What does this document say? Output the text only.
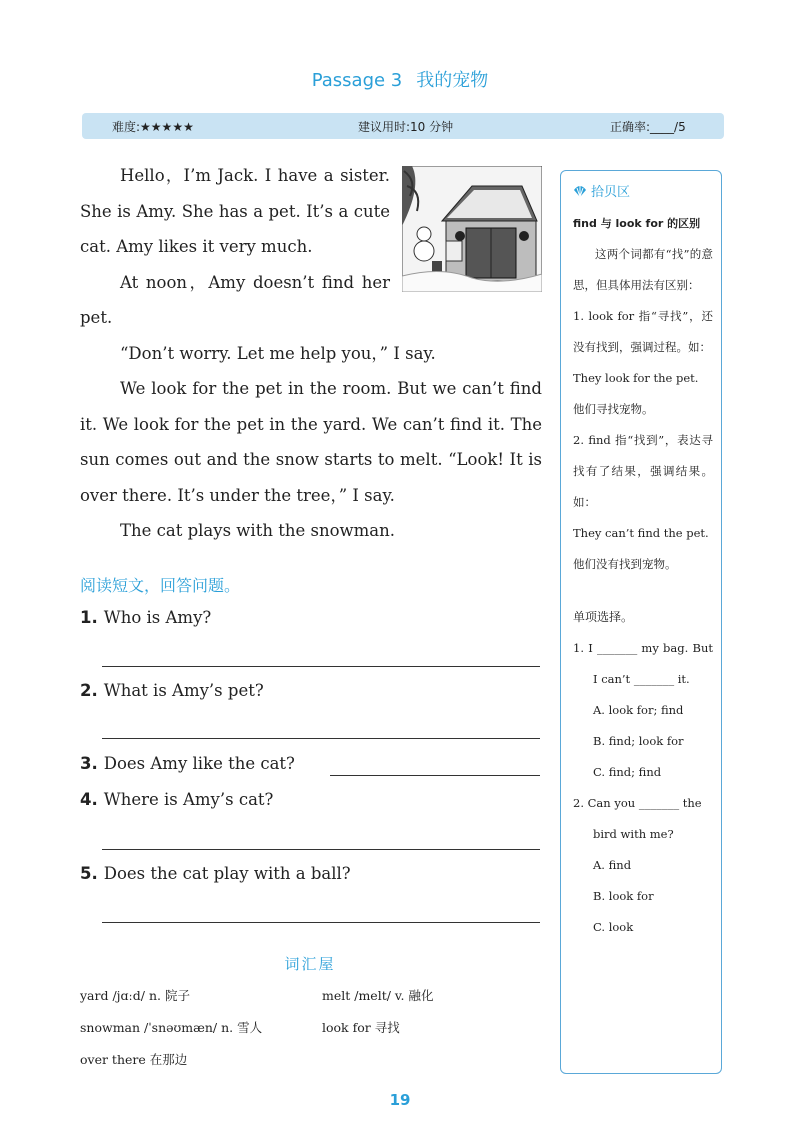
Passage 3 我的宠物
难度:★★★★★	建议用时:10 分钟	正确率:____/5

Hello，I’m Jack. I have a sister. She is Amy. She has a pet. It’s a cute cat. Amy likes it very much.

At noon，Amy doesn’t find her pet.

“Don’t worry. Let me help you，” I say.

We look for the pet in the room. But we can’t find it. We look for the pet in the yard. We can’t find it. The sun comes out and the snow starts to melt. “Look! It is over there. It’s under the tree，” I say.

The cat plays with the snowman.

阅读短文，回答问题。
1. Who is Amy?
2. What is Amy’s pet?
3. Does Amy like the cat?
4. Where is Amy’s cat?
5. Does the cat play with a ball?
词汇屋
yard /jɑːd/ n. 院子	melt /melt/ v. 融化
snowman /ˈsnəʊmæn/ n. 雪人	look for 寻找
over there 在那边
19
拾贝区
find 与 look for 的区别
这两个词都有“找”的意思，但具体用法有区别：
1. look for 指“寻找”，还没有找到，强调过程。如：
They look for the pet.
他们寻找宠物。
2. find 指“找到”，表达寻找有了结果，强调结果。如：
They can’t find the pet.
他们没有找到宠物。
单项选择。
1. I _______ my bag. But I can’t _______ it.
A. look for; find
B. find; look for
C. find; find
2. Can you _______ the bird with me?
A. find
B. look for
C. look
